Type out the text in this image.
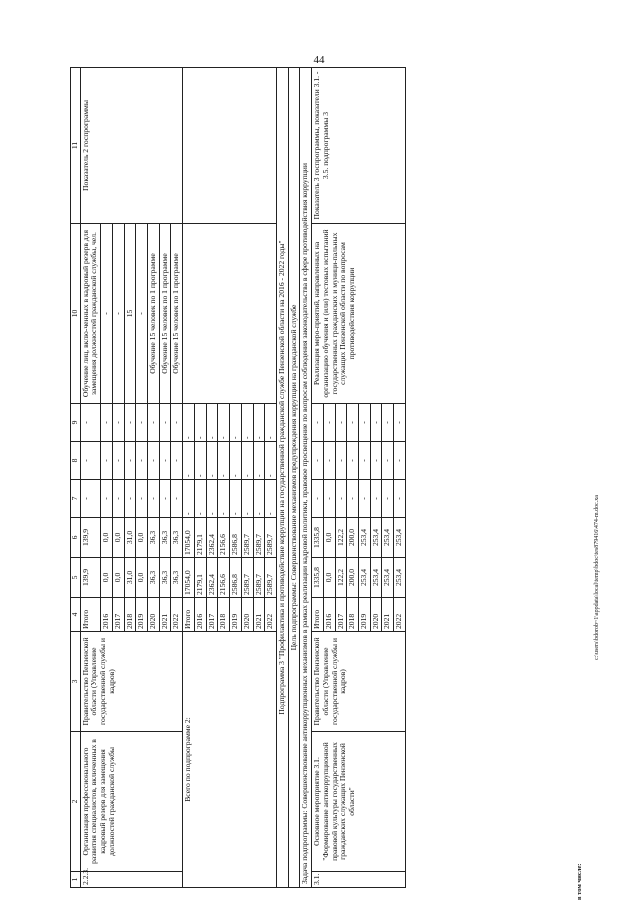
44
1	2	3	4	5	6	7	8	9	10	11
2.2.3.	Организация профессионального развития специалистов, включенных в кадровый резерв для замещения должностей гражданской службы	Правительство Пензенской области (Управление государственной службы и кадров)	Итого	139,9	139,9	-	-	-	Обучение лиц, вклю-ченных в кадровый резерв для замещения должностей гражданской службы, чел.	Показатель 2 госпрограммы
			2016	0,0	0,0	-	-	-	-	
			2017	0,0	0,0	-	-	-	-	
			2018	31,0	31,0	-	-	-	15	
			2019	0,0	0,0	-	-	-	-	
			2020	36,3	36,3	-	-	-	Обучение 15 человек по 1 программе	
			2021	36,3	36,3	-	-	-	Обучение 15 человек по 1 программе	
			2022	36,3	36,3	-	-	-	Обучение 15 человек по 1 программе	
Всего по подпрограмме 2:			Итого	17054,0	17054,0	-	-	-		
			2016	2179,1	2179,1	-	-	-		
			2017	2362,4	2362,4	-	-	-		
			2018	2156,6	2156,6	-	-	-		
			2019	2586,8	2586,8	-	-	-		
			2020	2589,7	2589,7	-	-	-		
			2021	2589,7	2589,7	-	-	-		
			2022	2589,7	2589,7	-	-	-		
Подпрограмма 3 "Профилактика и противодействие коррупции на государственной гражданской службе Пензенской области на 2016 - 2022 годы"										
Цель подпрограммы: Совершенствование механизмов предупреждения коррупции на гражданской службе										
Задача подпрограммы: Совершенствование антикоррупционных механизмов в рамках реализации кадровой политики, правовое просвещение по вопросам соблюдения законодательства в сфере противодействия коррупции										
3.1.	Основное мероприятие 3.1. "Формирование антикоррупционной правовой культуры государственных гражданских служащих Пензенской области"	Правительство Пензенской области (Управление государственной службы и кадров)	Итого	1335,8	1335,8	-	-	-	Реализация меро-приятий, направленных на организацию обучения и (или) тестовых испытаний государственных гражданских и муници-пальных служащих Пензенской области по вопросам противодействия коррупции	Показатель 3 госпрограммы, показатели 3.1. - 3.5. подпрограммы 3
			2016	0,0	0,0	-	-	-		
			2017	122,2	122,2	-	-	-		
			2018	200,0	200,0	-	-	-		
			2019	253,4	253,4	-	-	-		
			2020	253,4	253,4	-	-	-		
			2021	253,4	253,4	-	-	-		
			2022	253,4	253,4	-	-	-		
в том числе:
c:\users\bdorob~1\appdata\local\temp\bdoc\tes879416\474-m.doc.xa
